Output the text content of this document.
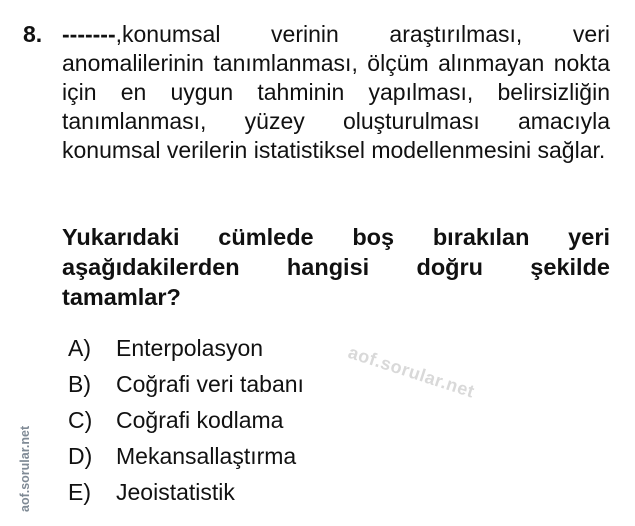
8. -------,konumsal verinin araştırılması, veri anomalilerinin tanımlanması, ölçüm alınmayan nokta için en uygun tahminin yapılması, belirsizliğin tanımlanması, yüzey oluşturulması amacıyla konumsal verilerin istatistiksel modellenmesini sağlar.

Yukarıdaki cümlede boş bırakılan yeri aşağıdakilerden hangisi doğru şekilde tamamlar?

A)	Enterpolasyon
B)	Coğrafi veri tabanı
C)	Coğrafi kodlama
D)	Mekansallaştırma
E)	Jeoistatistik
aof.sorular.net
aof.sorular.net
